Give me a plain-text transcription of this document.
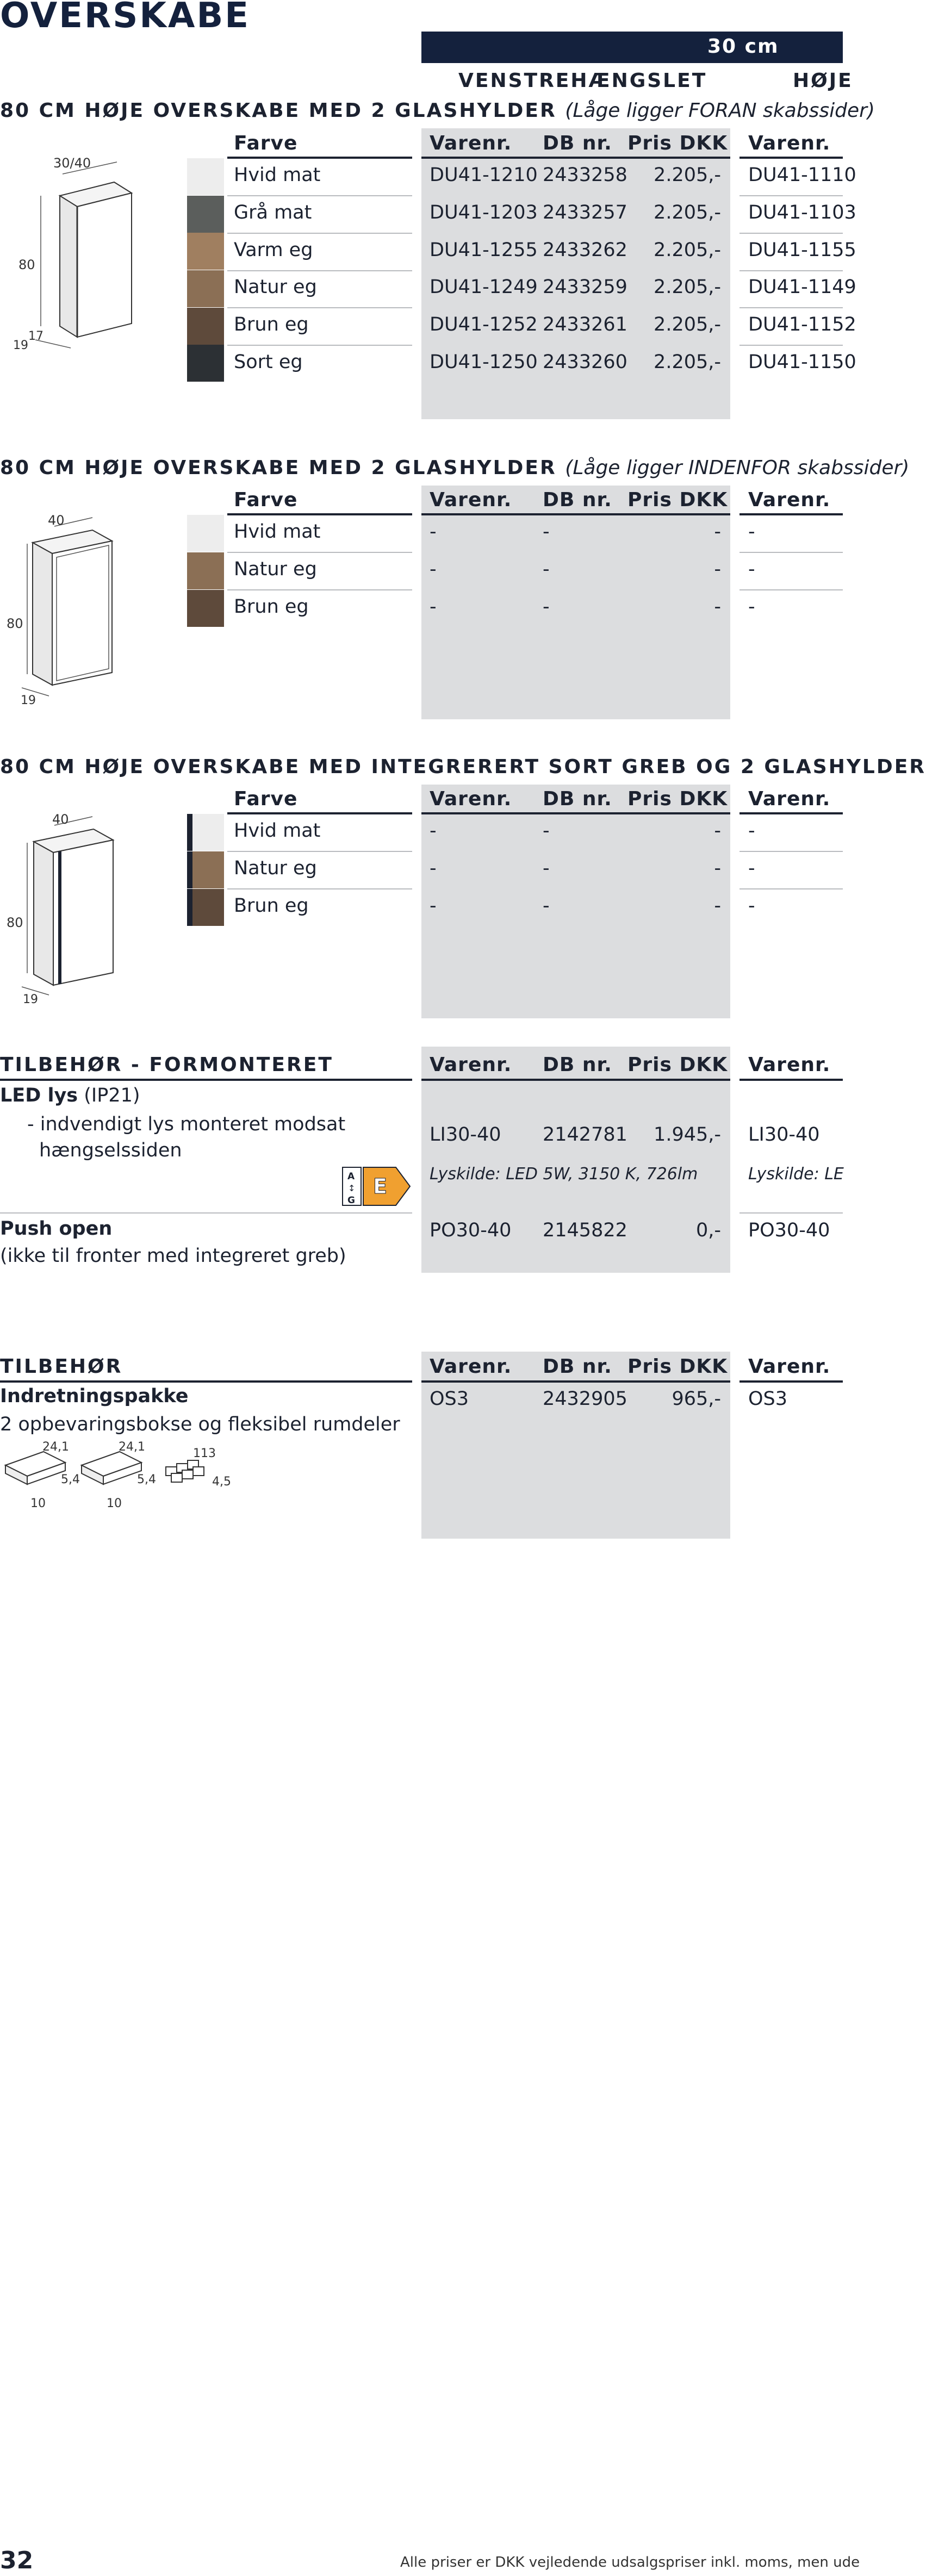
OVERSKABE
30 cm
VENSTREHÆNGSLET	HØJE
80 CM HØJE OVERSKABE MED 2 GLASHYLDER (Låge ligger FORAN skabssider)
Farve	Varenr. DB nr. Pris DKK Varenr.
Hvid mat	DU41-1210 2433258	2.205,- DU41-1110
Grå mat	DU41-1203 2433257	2.205,- DU41-1103
Varm eg	DU41-1255 2433262	2.205,- DU41-1155
Natur eg	DU41-1249 2433259	2.205,- DU41-1149
Brun eg	DU41-1252 2433261	2.205,- DU41-1152
Sort eg	DU41-1250 2433260	2.205,- DU41-1150
30/40
80
17
19
80 CM HØJE OVERSKABE MED 2 GLASHYLDER (Låge ligger INDENFOR skabssider)
Farve	Varenr. DB nr. Pris DKK Varenr.
Hvid mat	-	-	- -
Natur eg	-	-	- -
Brun eg	-	-	- -
40
80
19
80 CM HØJE OVERSKABE MED INTEGRERERT SORT GREB OG 2 GLASHYLDER
Farve	Varenr. DB nr. Pris DKK Varenr.
Hvid mat	-	-	- -
Natur eg	-	-	- -
Brun eg	-	-	- -
40
80
19
TILBEHØR - FORMONTERET	Varenr. DB nr. Pris DKK Varenr.
LED lys (IP21)
- indvendigt lys monteret modsat
hængselssiden
LI30-40 2142781	1.945,- LI30-40
Lyskilde: LED 5W, 3150 K, 726lm	Lyskilde: LE
A
↕
G
E
Push open
(ikke til fronter med integreret greb)
PO30-40 2145822	0,- PO30-40
TILBEHØR	Varenr. DB nr. Pris DKK Varenr.
Indretningspakke
2 opbevaringsbokse og fleksibel rumdeler
OS3	2432905	965,- OS3
24,1
5,4
10
24,1
5,4
10
113
4,5
32	Alle priser er DKK vejledende udsalgspriser inkl. moms, men ude
